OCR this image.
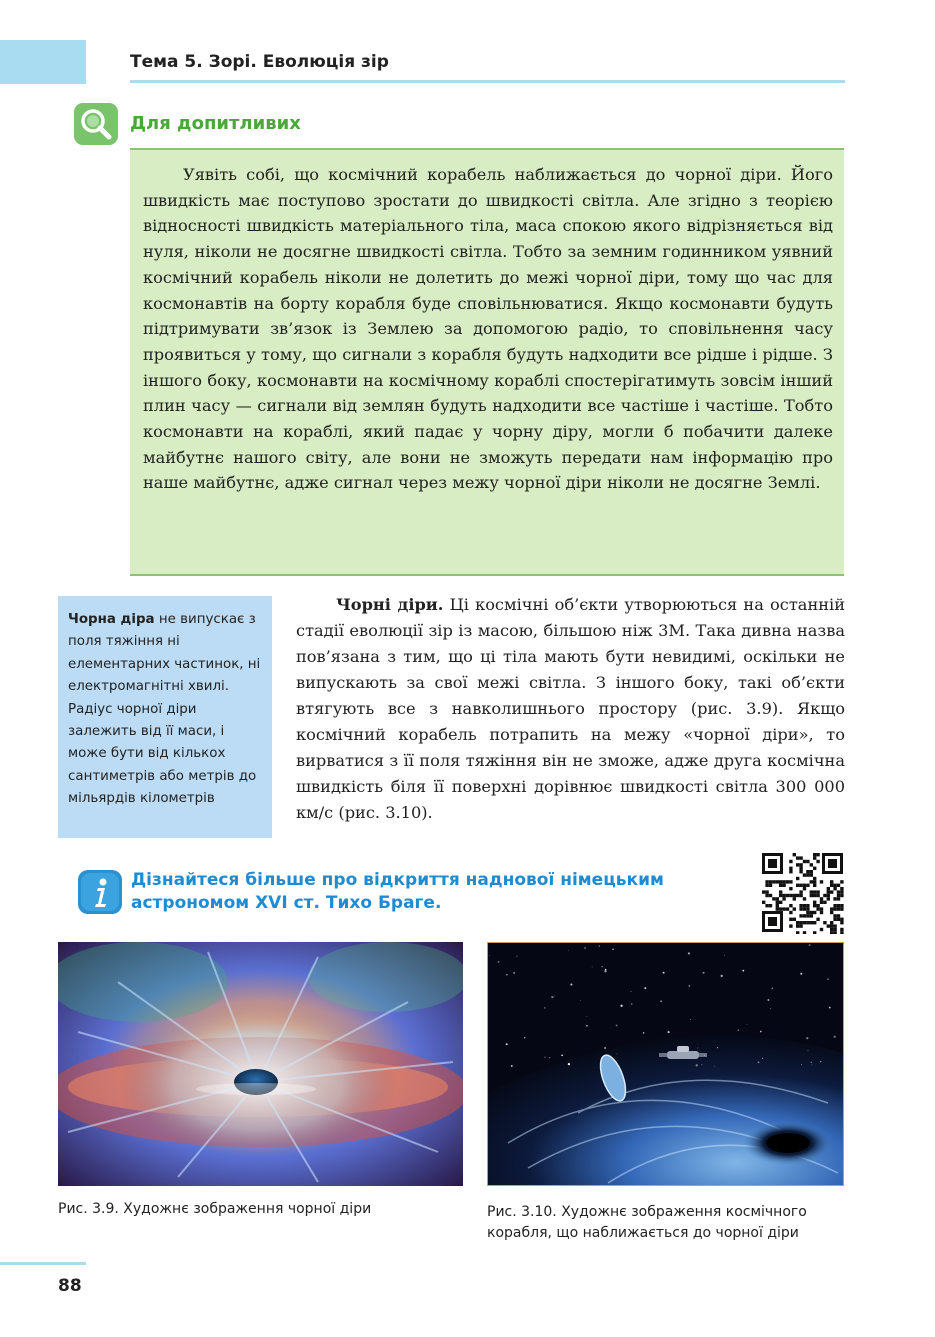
Тема 5. Зорі. Еволюція зір
Для допитливих

Уявіть собі, що космічний корабель наближається до чорної діри. Його швидкість має поступово зростати до швидкості світла. Але згідно з теорією відносності швидкість матеріального тіла, маса спокою якого відрізняється від нуля, ніколи не досягне швидкості світла. Тобто за земним годинником уявний космічний корабель ніколи не долетить до межі чорної діри, тому що час для космонавтів на борту корабля буде сповільнюватися. Якщо космонавти будуть підтримувати зв’язок із Землею за допомогою радіо, то сповільнення часу проявиться у тому, що сигнали з корабля будуть надходити все рідше і рідше. З іншого боку, космонавти на космічному кораблі спостерігатимуть зовсім інший плин часу — сигнали від землян будуть надходити все частіше і частіше. Тобто космонавти на кораблі, який падає у чорну діру, могли б побачити далеке майбутнє нашого світу, але вони не зможуть передати нам інформацію про наше майбутнє, адже сигнал через межу чорної діри ніколи не досягне Землі.

Чорна діра не випускає з поля тяжіння ні елементарних частинок, ні електромагнітні хвилі. Радіус чорної діри залежить від її маси, і може бути від кількох сантиметрів або метрів до мільярдів кілометрів

Чорні діри. Ці космічні об’єкти утворюються на останній стадії еволюції зір із масою, більшою ніж 3M. Така дивна назва пов’язана з тим, що ці тіла мають бути невидимі, оскільки не випускають за свої межі світла. З іншого боку, такі об’єкти втягують все з навколишнього простору (рис. 3.9). Якщо космічний корабель потрапить на межу «чорної діри», то вирватися з її поля тяжіння він не зможе, адже друга космічна швидкість біля її поверхні дорівнює швидкості світла 300 000 км/с (рис. 3.10).

Дізнайтеся більше про відкриття наднової німецьким астрономом XVI ст. Тихо Браге.

Рис. 3.9. Художнє зображення чорної діри	Рис. 3.10. Художнє зображення космічного корабля, що наближається до чорної діри

88
